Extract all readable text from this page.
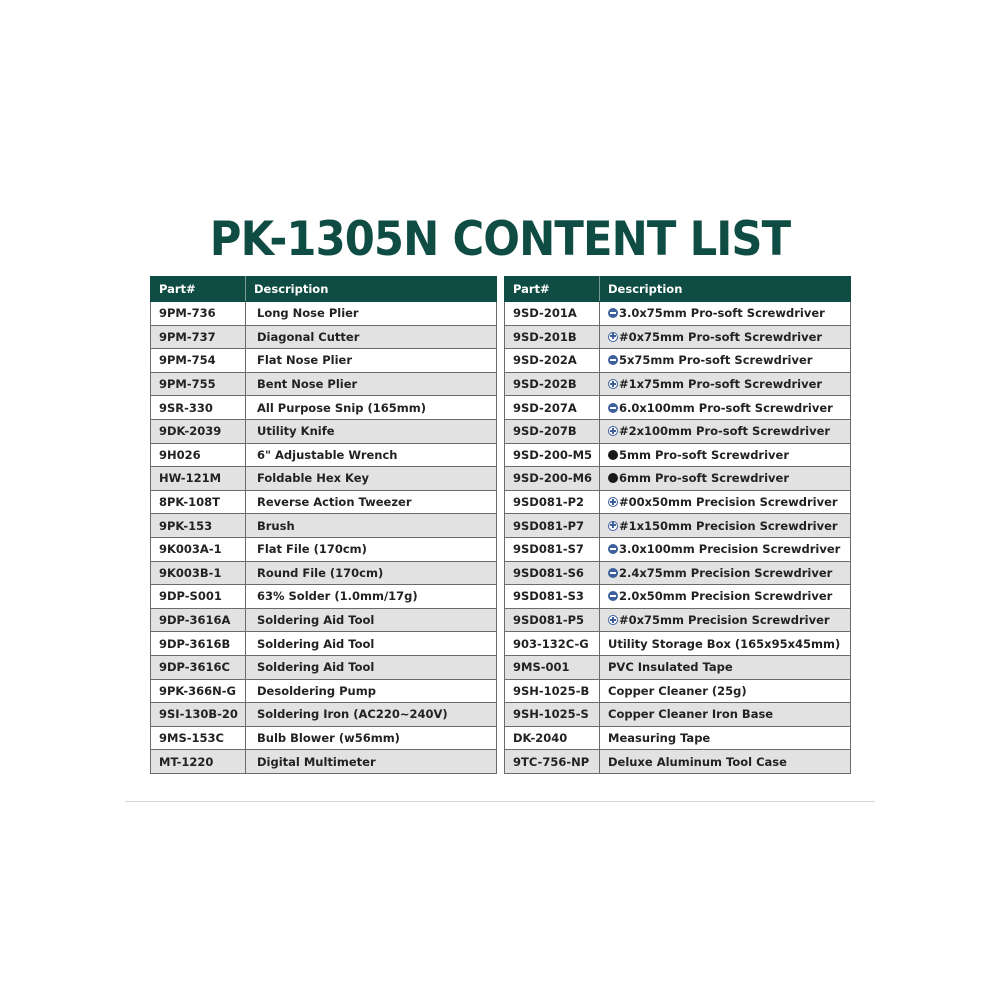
PK-1305N CONTENT LIST
Part#	Description
9PM-736	Long Nose Plier
9PM-737	Diagonal Cutter
9PM-754	Flat Nose Plier
9PM-755	Bent Nose Plier
9SR-330	All Purpose Snip (165mm)
9DK-2039	Utility Knife
9H026	6" Adjustable Wrench
HW-121M	Foldable Hex Key
8PK-108T	Reverse Action Tweezer
9PK-153	Brush
9K003A-1	Flat File (170cm)
9K003B-1	Round File (170cm)
9DP-S001	63% Solder (1.0mm/17g)
9DP-3616A	Soldering Aid Tool
9DP-3616B	Soldering Aid Tool
9DP-3616C	Soldering Aid Tool
9PK-366N-G	Desoldering Pump
9SI-130B-20	Soldering Iron (AC220~240V)
9MS-153C	Bulb Blower (w56mm)
MT-1220	Digital Multimeter
Part#	Description
9SD-201A	3.0x75mm Pro-soft Screwdriver
9SD-201B	#0x75mm Pro-soft Screwdriver
9SD-202A	5x75mm Pro-soft Screwdriver
9SD-202B	#1x75mm Pro-soft Screwdriver
9SD-207A	6.0x100mm Pro-soft Screwdriver
9SD-207B	#2x100mm Pro-soft Screwdriver
9SD-200-M5	5mm Pro-soft Screwdriver
9SD-200-M6	6mm Pro-soft Screwdriver
9SD081-P2	#00x50mm Precision Screwdriver
9SD081-P7	#1x150mm Precision Screwdriver
9SD081-S7	3.0x100mm Precision Screwdriver
9SD081-S6	2.4x75mm Precision Screwdriver
9SD081-S3	2.0x50mm Precision Screwdriver
9SD081-P5	#0x75mm Precision Screwdriver
903-132C-G	Utility Storage Box (165x95x45mm)
9MS-001	PVC Insulated Tape
9SH-1025-B	Copper Cleaner (25g)
9SH-1025-S	Copper Cleaner Iron Base
DK-2040	Measuring Tape
9TC-756-NP	Deluxe Aluminum Tool Case
